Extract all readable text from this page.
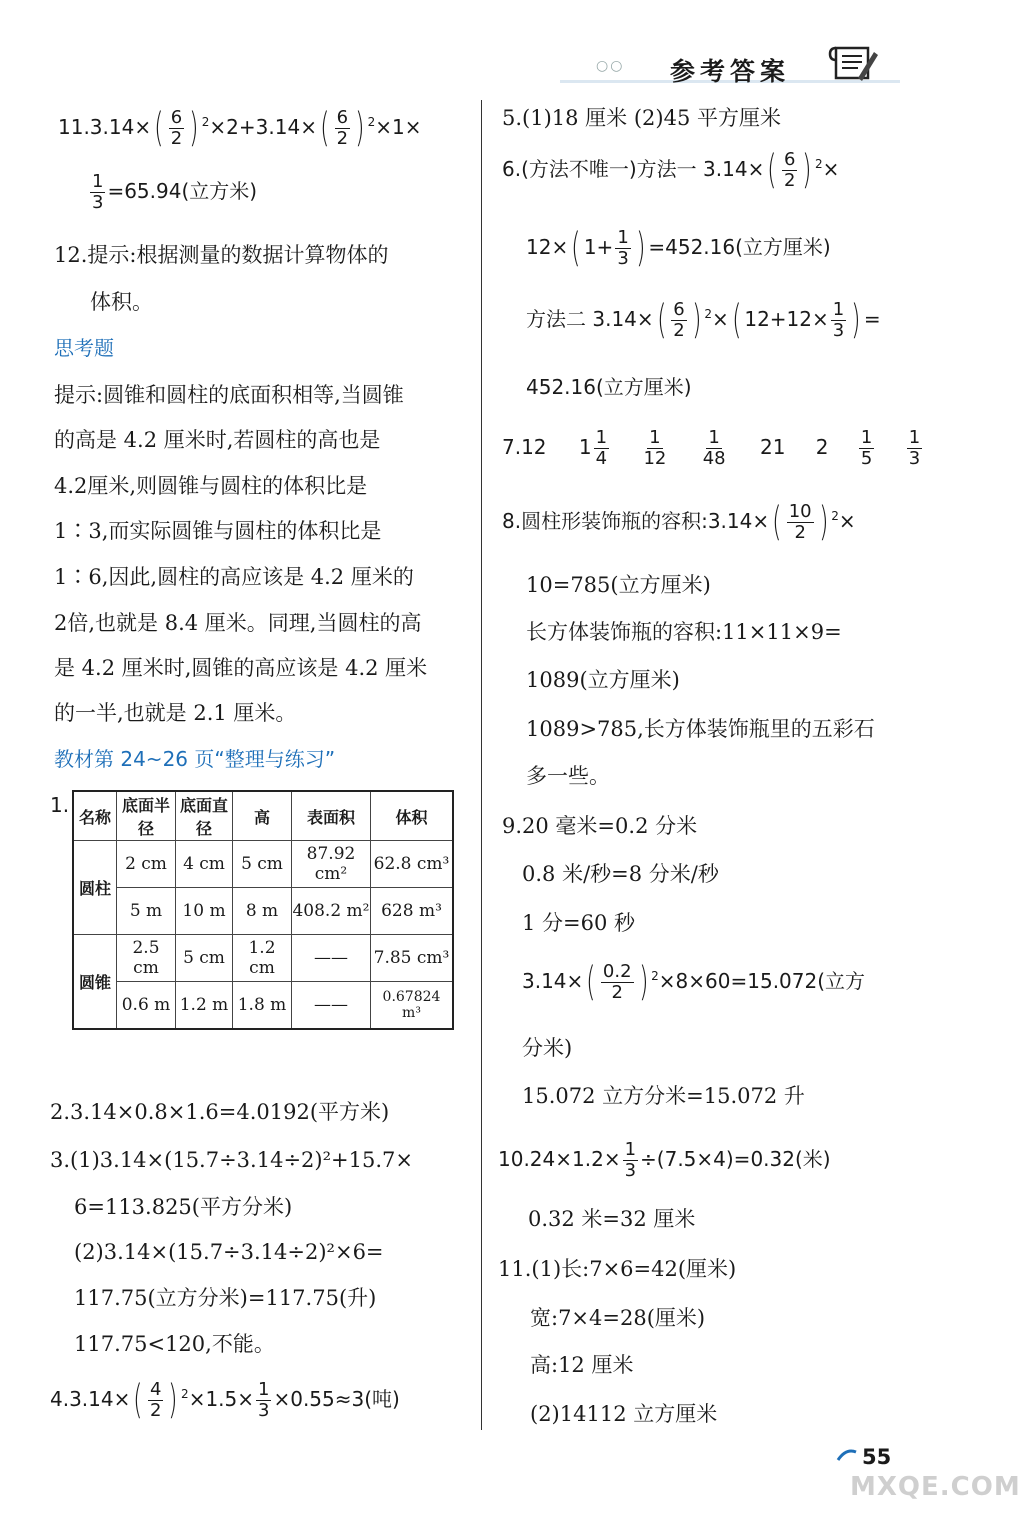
○○ 参考答案
$11.3.14\times( \frac{6}{2}$ ) $^2\times 2+3.14\times( \frac{6}{2}$ ) $^2$×1×
$\frac{1}{3} =65.94$(立方米)
12.提示:根据测量的数据计算物体的
体积。
思考题
提示:圆锥和圆柱的底面积相等,当圆锥
的高是 4.2 厘米时,若圆柱的高也是
4.2厘米,则圆锥与圆柱的体积比是
1∶3,而实际圆锥与圆柱的体积比是
1∶6,因此,圆柱的高应该是 4.2 厘米的
2倍,也就是 8.4 厘米。同理,当圆柱的高
是 4.2 厘米时,圆锥的高应该是 4.2 厘米
的一半,也就是 2.1 厘米。
教材第 24~26 页“整理与练习”
1. 名称	底面半径	底面直径	高	表面积	体积
圆柱	2 cm	4 cm	5 cm	87.92 cm²	62.8 cm³
	5 m	10 m	8 m	408.2 m²	628 m³
圆锥	2.5 cm	5 cm	1.2 cm	——	7.85 cm³
	0.6 m	1.2 m	1.8 m	——	0.67824 m³
2.3.14×0.8×1.6=4.0192(平方米)
3.(1)3.14×(15.7÷3.14÷2)²+15.7×
6=113.825(平方分米)
(2)3.14×(15.7÷3.14÷2)²×6=
117.75(立方分米)=117.75(升)
117.75<120,不能。
$4.3.14\times( \frac{4}{2}$ ) $^2\times 1.5\times \frac{1}{3} \times 0.55\approx 3$(吨)
5.(1)18 厘米 (2)45 平方厘米
6.(方法不唯一)方法一 $3.14\times( \frac{6}{2}$ ) $^2$×
12×( $1+ \frac{1}{3}$ ) =452.16(立方厘米)
方法二 $3.14\times( \frac{6}{2}$ ) $^2$×( $12+12\times \frac{1}{3}$ ) =
452.16(立方厘米)
7.12 $1 \frac{1}{4}$
$\frac{1}{12}$
$\frac{1}{48} 21$ $2 \frac{1}{5}$
$\frac{1}{3}$
8.圆柱形装饰瓶的容积:3.14×( $\frac{10}{2}$ ) $^2$×
10=785(立方厘米)
长方体装饰瓶的容积:11×11×9=
1089(立方厘米)
1089>785,长方体装饰瓶里的五彩石
多一些。
9.20 毫米=0.2 分米
0.8 米/秒=8 分米/秒
1 分=60 秒
$3.14\times( \frac{0.2}{2}$ ) $^2$×8×60=15.072(立方
分米)
15.072 立方分米=15.072 升
$10.24\times 1.2\times \frac{1}{3} \div(7.5\times 4)=0.32$(米)
0.32 米=32 厘米
11.(1)长:7×6=42(厘米)
宽:7×4=28(厘米)
高:12 厘米
(2)14112 立方厘米
55
MXQE.COM
